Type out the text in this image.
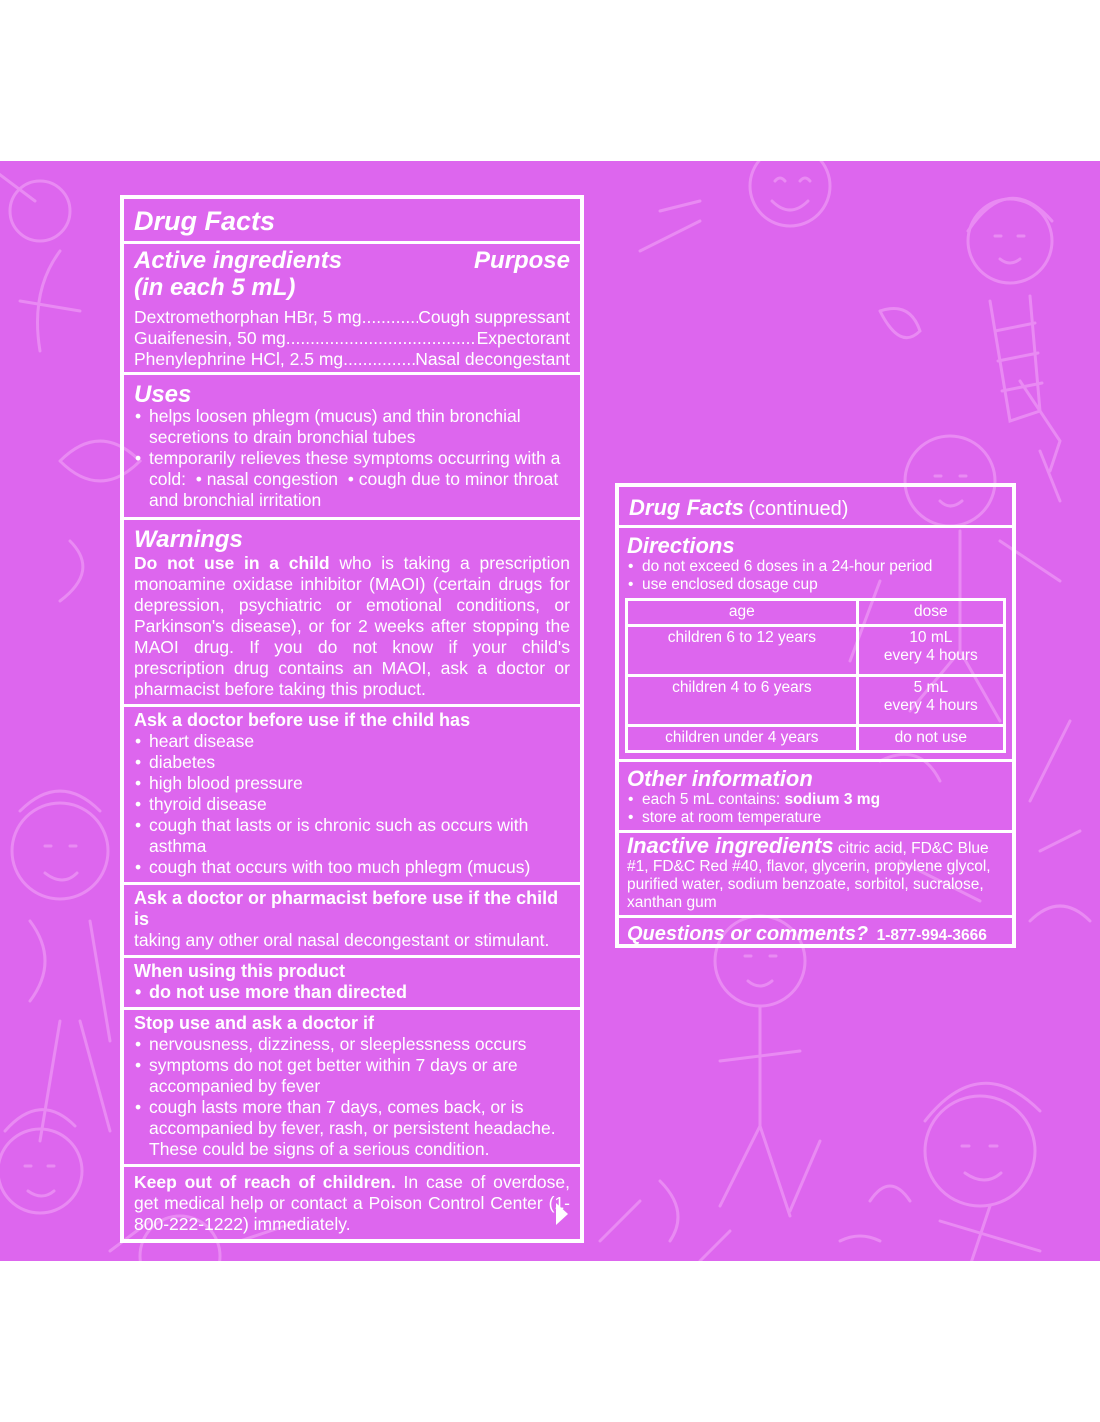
Drug Facts
Active ingredients
(in each 5 mL)
Purpose
Dextromethorphan HBr, 5 mg .....	Cough suppressant
Guaifenesin, 50 mg .....	Expectorant
Phenylephrine HCl, 2.5 mg .....	Nasal decongestant
Uses
• helps loosen phlegm (mucus) and thin bronchial secretions to drain bronchial tubes
• temporarily relieves these symptoms occurring with a cold:  • nasal congestion  • cough due to minor throat and bronchial irritation
Warnings
Do not use in a child who is taking a prescription monoamine oxidase inhibitor (MAOI) (certain drugs for depression, psychiatric or emotional conditions, or Parkinson's disease), or for 2 weeks after stopping the MAOI drug. If you do not know if your child's prescription drug contains an MAOI, ask a doctor or pharmacist before taking this product.
Ask a doctor before use if the child has
• heart disease
• diabetes
• high blood pressure
• thyroid disease
• cough that lasts or is chronic such as occurs with asthma
• cough that occurs with too much phlegm (mucus)
Ask a doctor or pharmacist before use if the child is
taking any other oral nasal decongestant or stimulant.
When using this product
• do not use more than directed
Stop use and ask a doctor if
• nervousness, dizziness, or sleeplessness occurs
• symptoms do not get better within 7 days or are accompanied by fever
• cough lasts more than 7 days, comes back, or is accompanied by fever, rash, or persistent headache. These could be signs of a serious condition.
Keep out of reach of children. In case of overdose, get medical help or contact a Poison Control Center (1-800-222-1222) immediately.
Drug Facts (continued)
Directions
• do not exceed 6 doses in a 24-hour period
• use enclosed dosage cup
age	dose
children 6 to 12 years	10 mL
every 4 hours

children 4 to 6 years	5 mL
every 4 hours

children under 4 years	do not use
Other information
• each 5 mL contains: sodium 3 mg
• store at room temperature
Inactive ingredients citric acid, FD&C Blue #1, FD&C Red #40, flavor, glycerin, propylene glycol, purified water, sodium benzoate, sorbitol, sucralose, xanthan gum
Questions or comments? 1-877-994-3666
